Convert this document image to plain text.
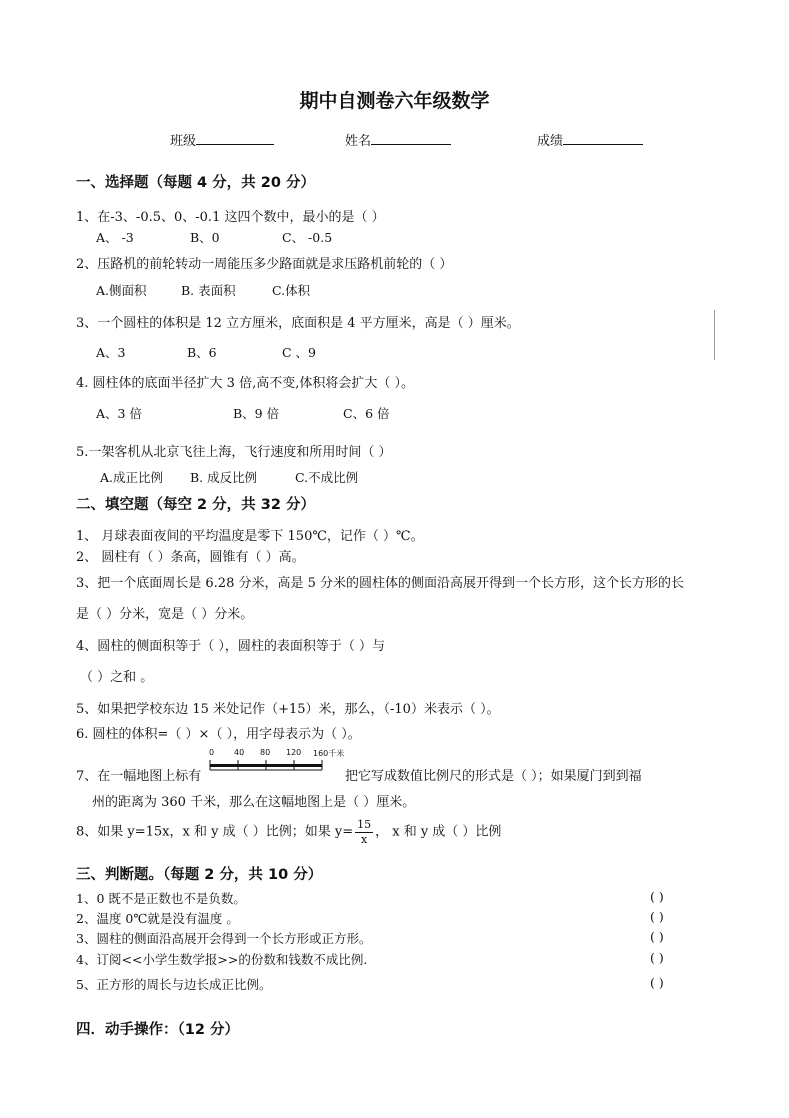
期中自测卷六年级数学
班级	姓名	成绩
一、选择题（每题 4 分，共 20 分）
1、在-3、-0.5、0、-0.1 这四个数中，最小的是（ ）
A、 -3	B、0	C、 -0.5
2、压路机的前轮转动一周能压多少路面就是求压路机前轮的（ ）
A.侧面积	B. 表面积	C.体积
3、一个圆柱的体积是 12 立方厘米，底面积是 4 平方厘米，高是（ ）厘米。
A、3	B、6	C 、9
4. 圆柱体的底面半径扩大 3 倍,高不变,体积将会扩大（ ）。
A、3 倍	B、9 倍	C、6 倍
5.一架客机从北京飞往上海，飞行速度和所用时间（ ）
A.成正比例 B. 成反比例	C.不成比例
二、填空题（每空 2 分，共 32 分）
1、 月球表面夜间的平均温度是零下 150℃，记作（ ）℃。
2、 圆柱有（ ）条高，圆锥有（ ）高。
3、把一个底面周长是 6.28 分米，高是 5 分米的圆柱体的侧面沿高展开得到一个长方形，这个长方形的长
是（ ）分米，宽是（ ）分米。
4、圆柱的侧面积等于（ ），圆柱的表面积等于（ ）与
（ ）之和 。
5、如果把学校东边 15 米处记作（+15）米，那么，（-10）米表示（ ）。
6. 圆柱的体积=（ ）×（ ），用字母表示为（ ）。
7、在一幅地图上标有
0 40 80 120 160千米
把它写成数值比例尺的形式是（ ）；如果厦门到到福
州的距离为 360 千米，那么在这幅地图上是（ ）厘米。
8、如果 y=15x，x 和 y 成（ ）比例；如果 $y= \frac{15}{x}$ ， x 和 y 成（ ）比例
三、判断题。（每题 2 分，共 10 分）
1、0 既不是正数也不是负数。	( )
2、温度 0℃就是没有温度 。	( )
3、圆柱的侧面沿高展开会得到一个长方形或正方形。	( )
4、订阅<<小学生数学报>>的份数和钱数不成比例.	( )
5、正方形的周长与边长成正比例。	( )
四．动手操作：（12 分）
